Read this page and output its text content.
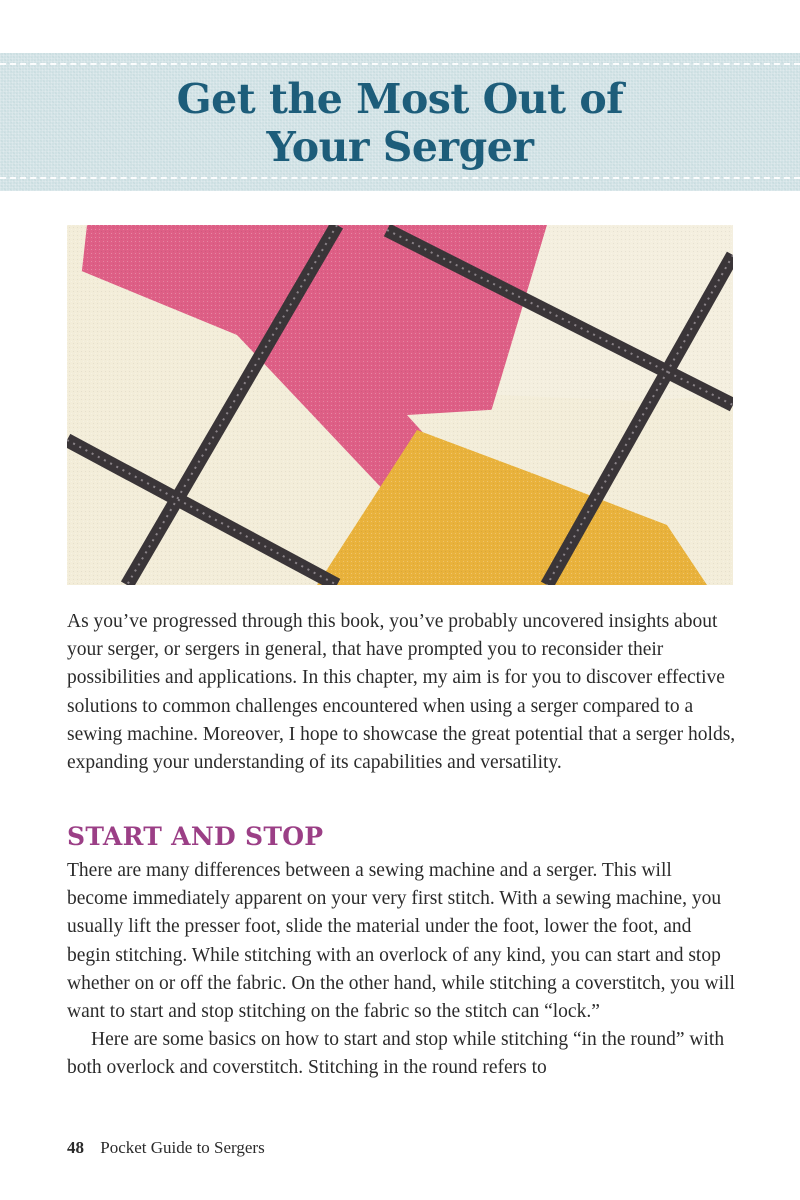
Get the Most Out of
Your Serger
As you’ve progressed through this book, you’ve probably uncovered insights about your serger, or sergers in general, that have prompted you to reconsider their possibilities and applications. In this chapter, my aim is for you to discover effective solutions to common challenges encountered when using a serger compared to a sewing machine. Moreover, I hope to showcase the great potential that a serger holds, expanding your understanding of its capabilities and versatility.
START AND STOP

There are many differences between a sewing machine and a serger. This will become immediately apparent on your very first stitch. With a sewing machine, you usually lift the presser foot, slide the material under the foot, lower the foot, and begin stitching. While stitching with an overlock of any kind, you can start and stop whether on or off the fabric. On the other hand, while stitching a coverstitch, you will want to start and stop stitching on the fabric so the stitch can “lock.”

Here are some basics on how to start and stop while stitching “in the round” with both overlock and coverstitch. Stitching in the round refers to

48 Pocket Guide to Sergers
